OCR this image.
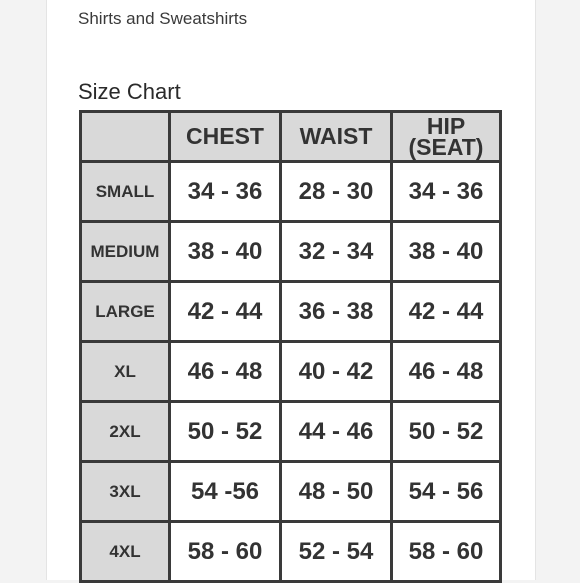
Shirts and Sweatshirts
Size Chart
	CHEST	WAIST	HIP
(SEAT)

SMALL	34 - 36	28 - 30	34 - 36
MEDIUM	38 - 40	32 - 34	38 - 40
LARGE	42 - 44	36 - 38	42 - 44
XL	46 - 48	40 - 42	46 - 48
2XL	50 - 52	44 - 46	50 - 52
3XL	54 -56	48 - 50	54 - 56
4XL	58 - 60	52 - 54	58 - 60
